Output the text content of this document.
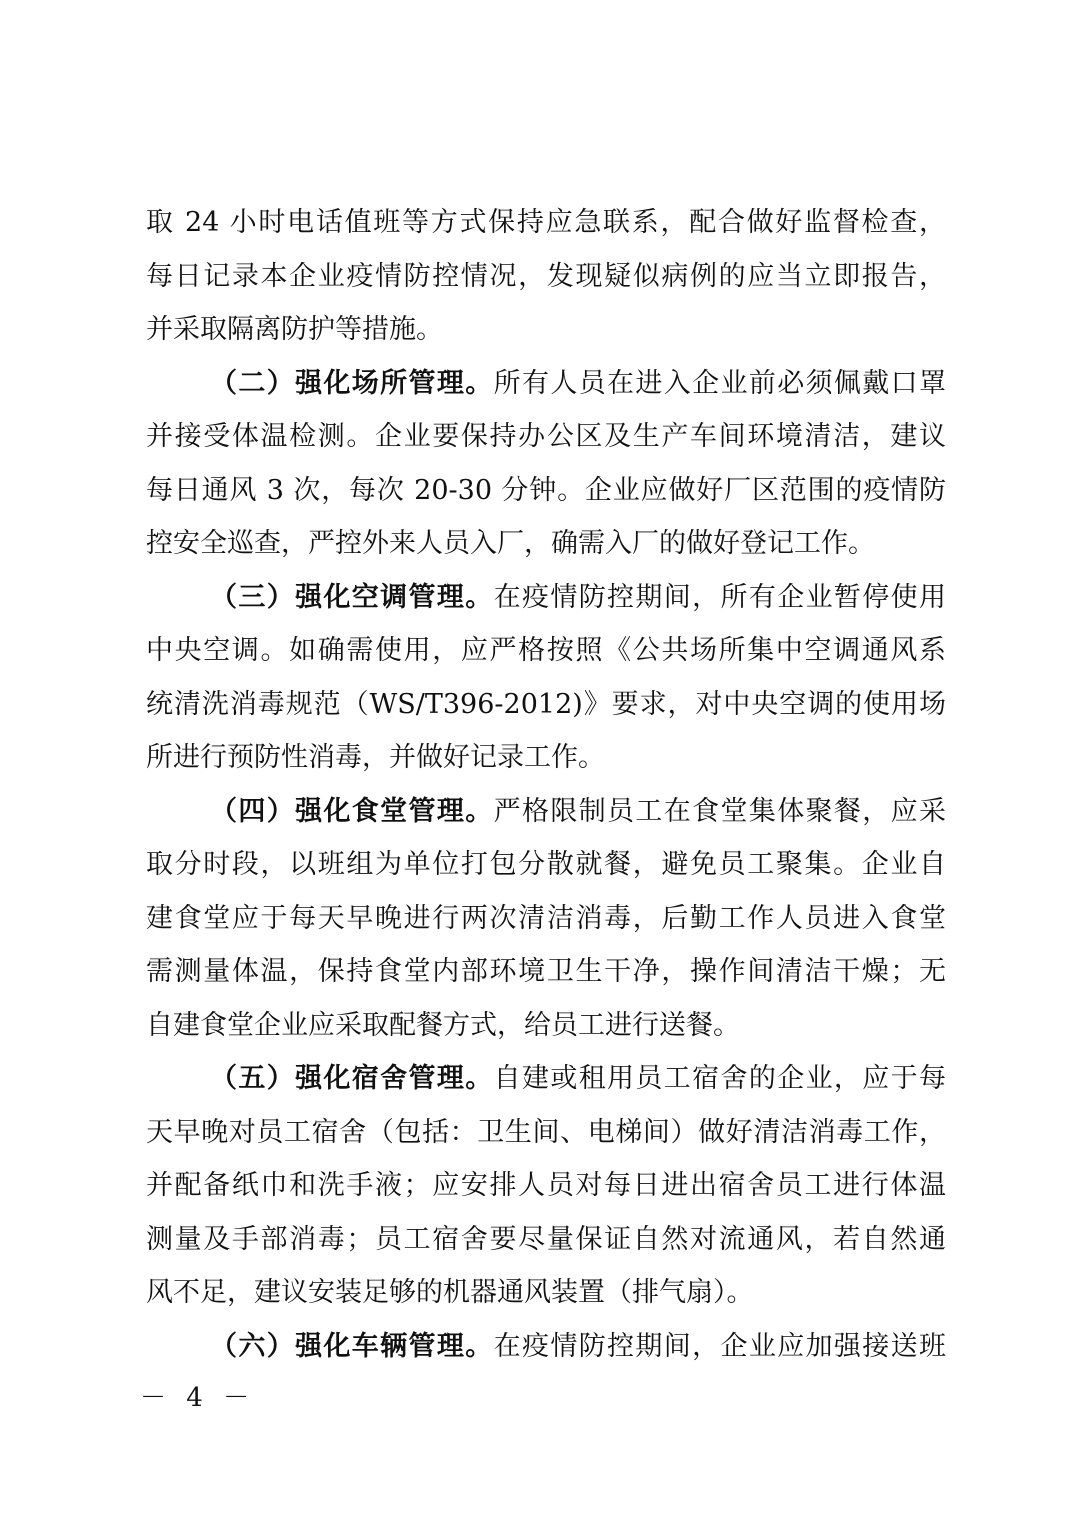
取 24 小时电话值班等方式保持应急联系，配合做好监督检查，
每日记录本企业疫情防控情况，发现疑似病例的应当立即报告，
并采取隔离防护等措施。
（二）强化场所管理。所有人员在进入企业前必须佩戴口罩
并接受体温检测。企业要保持办公区及生产车间环境清洁，建议
每日通风 3 次，每次 20-30 分钟。企业应做好厂区范围的疫情防
控安全巡查，严控外来人员入厂，确需入厂的做好登记工作。
（三）强化空调管理。在疫情防控期间，所有企业暂停使用
中央空调。如确需使用，应严格按照《公共场所集中空调通风系
统清洗消毒规范（WS/T396-2012)》要求，对中央空调的使用场
所进行预防性消毒，并做好记录工作。
（四）强化食堂管理。严格限制员工在食堂集体聚餐，应采
取分时段，以班组为单位打包分散就餐，避免员工聚集。企业自
建食堂应于每天早晚进行两次清洁消毒，后勤工作人员进入食堂
需测量体温，保持食堂内部环境卫生干净，操作间清洁干燥；无
自建食堂企业应采取配餐方式，给员工进行送餐。
（五）强化宿舍管理。自建或租用员工宿舍的企业，应于每
天早晚对员工宿舍（包括：卫生间、电梯间）做好清洁消毒工作，
并配备纸巾和洗手液；应安排人员对每日进出宿舍员工进行体温
测量及手部消毒；员工宿舍要尽量保证自然对流通风，若自然通
风不足，建议安装足够的机器通风装置（排气扇）。
（六）强化车辆管理。在疫情防控期间，企业应加强接送班
－ 4 －
